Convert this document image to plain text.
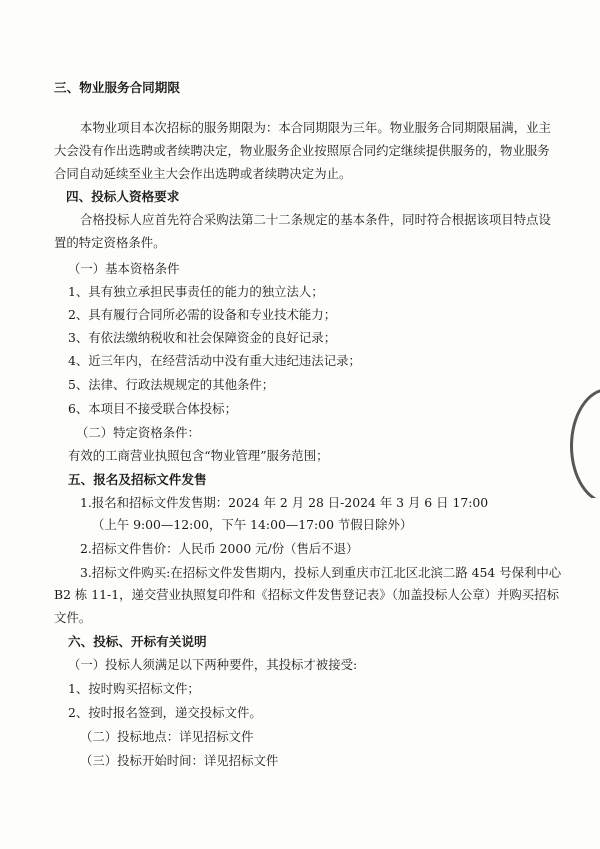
三、物业服务合同期限
本物业项目本次招标的服务期限为：本合同期限为三年。物业服务合同期限届满，业主
大会没有作出选聘或者续聘决定，物业服务企业按照原合同约定继续提供服务的，物业服务
合同自动延续至业主大会作出选聘或者续聘决定为止。
四、投标人资格要求
合格投标人应首先符合采购法第二十二条规定的基本条件，同时符合根据该项目特点设
置的特定资格条件。
（一）基本资格条件
1、具有独立承担民事责任的能力的独立法人；
2、具有履行合同所必需的设备和专业技术能力；
3、有依法缴纳税收和社会保障资金的良好记录；
4、近三年内，在经营活动中没有重大违纪违法记录；
5、法律、行政法规规定的其他条件；
6、本项目不接受联合体投标；
（二）特定资格条件：
有效的工商营业执照包含“物业管理”服务范围；
五、报名及招标文件发售
1.报名和招标文件发售期：2024 年 2 月 28 日-2024 年 3 月 6 日 17:00
（上午 9:00—12:00，下午 14:00—17:00 节假日除外）
2.招标文件售价：人民币 2000 元/份（售后不退）
3.招标文件购买:在招标文件发售期内，投标人到重庆市江北区北滨二路 454 号保利中心
B2 栋 11-1，递交营业执照复印件和《招标文件发售登记表》（加盖投标人公章）并购买招标
文件。
六、投标、开标有关说明
（一）投标人须满足以下两种要件，其投标才被接受:
1、按时购买招标文件；
2、按时报名签到，递交投标文件。
（二）投标地点：详见招标文件
（三）投标开始时间：详见招标文件
